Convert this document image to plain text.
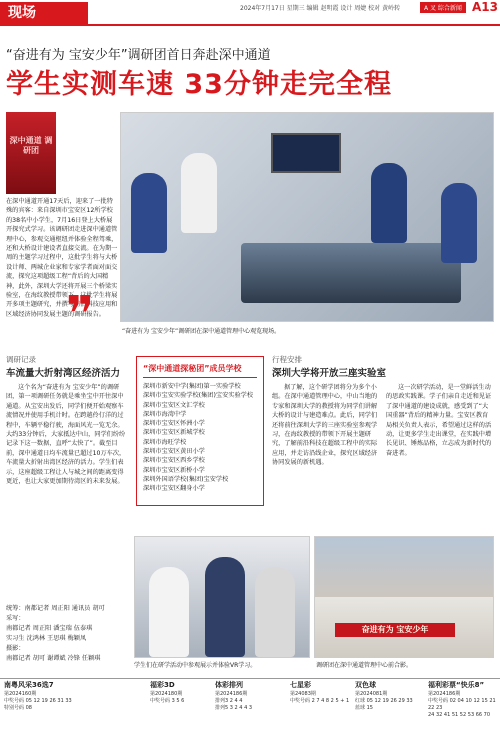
现场	2024年7月17日 星期三 编辑 赵明霞 设计 周婕 校对 黄岭转	A 叉 综合新闻 A13
“奋进有为 宝安少年”调研团首日奔赴深中通道
学生实测车速 33分钟走完全程
深中通道 调研团
在深中通道开通17天后，迎来了一批特殊的宾客：来自深圳市宝安区12所学校的38名中小学生，7月16日登上大桥展开探究式学习。该调研团走进深中通道管理中心，参观交通枢纽并体验全程驾乘，还和大桥设计建设者直接交流。在为期一周的主题学习过程中，这批学生将与大桥设计师、两城企业家和专家学者面对面交流，探究这项超级工程“背后的大国精神，此外，深圳大学还将开展三个桥梁实验室，在海纹教授带领下，这批学生将展开多项主题研究，并撰写前沿科技应用和区域经济协同发展主题的调研报告。
❞	“奋进有为 宝安少年”调研团在深中通道管理中心观览现场。
调研记录
车流量大折射湾区经济活力

这个名为“奋进有为 宝安少年”的调研团，第一项调研任务就是乘坐宝中开往深中通道。从宝安出发后，同学们便开始观察车流情况并使用手机计时。在跨越伶仃洋的过程中，车辆平稳行驶，海面风光一览无余。大约33分钟后，大家抵达中山，同学们纷纷记录下这一数据，直呼“太快了”。截至目前，深中通道日均车流量已超过10万车次，车流量大折射出湾区经济的活力。学生们表示，这座超级工程让人与城之间的距离变得更近，也让大家更加期待湾区的未来发展。

“深中通道探秘团”成员学校
深圳市新安中学(集团)第一实验学校
深圳市宝安实验学校(集团)宝安实验学校
深圳市宝安区文汇学校
深圳市海湾中学
深圳市宝安区怀洲小学
深圳市宝安区新城学校
深圳市海旺学校
深圳市宝安区黄田小学
深圳市宝安区西乡学校
深圳市宝安区新桥小学
深圳外国语学校(集团)宝安学校
深圳市宝安区翻身小学
行程安排
深圳大学将开放三座实验室
据了解，这个研学团将分为多个小组。在深中通道管理中心，中山当地的专家和深圳大学的教授将为同学们讲解大桥的设计与建造难点。此后，同学们还将前往深圳大学的三座实验室参观学习，在海纹教授的带领下开展主题研究，了解前沿科技在超级工程中的实际应用，并走访沿线企业，探究区域经济协同发展的新机遇。
这一次研学活动，是一堂鲜活生动的思政实践课。学子们亲自走近和见证了深中通道的建设成就，感受到了“大国重器”背后的精神力量。宝安区教育局相关负责人表示，希望通过这样的活动，让更多学生走出课堂，在实践中增长见识、锤炼品格，立志成为新时代的奋进者。
学生们在研学活动中参观展示并体验VR学习。
奋进有为 宝安少年
调研团在深中通道管理中心前合影。
统筹：南都记者 周正阳 通讯员 胡可
采写：
南都记者 周正阳 潘宝瑞 伍泰琪
实习生 沈鸿林 王思琪 梅颖凤
摄影：
南都记者 胡可 谢谭斌 冷锋 任颖琪
南粤风采36选7
第2024160期
中奖号码 05 12 19 26 31 33
特别号码 08
福彩3D
第2024180期
中奖号码 3 5 6
体彩排列
第2024186期
排列3 2 4 4
排列5 3 2 4 4 3
七星彩
第24083期
中奖号码 2 7 4 8 2 5 + 1
双色球
第2024081期
红球 05 12 19 26 29 33
蓝球 15
福利彩票“快乐8”
第2024186期
中奖号码 02 04 10 12 15 21 22 23
24 32 41 51 52 53 66 70
